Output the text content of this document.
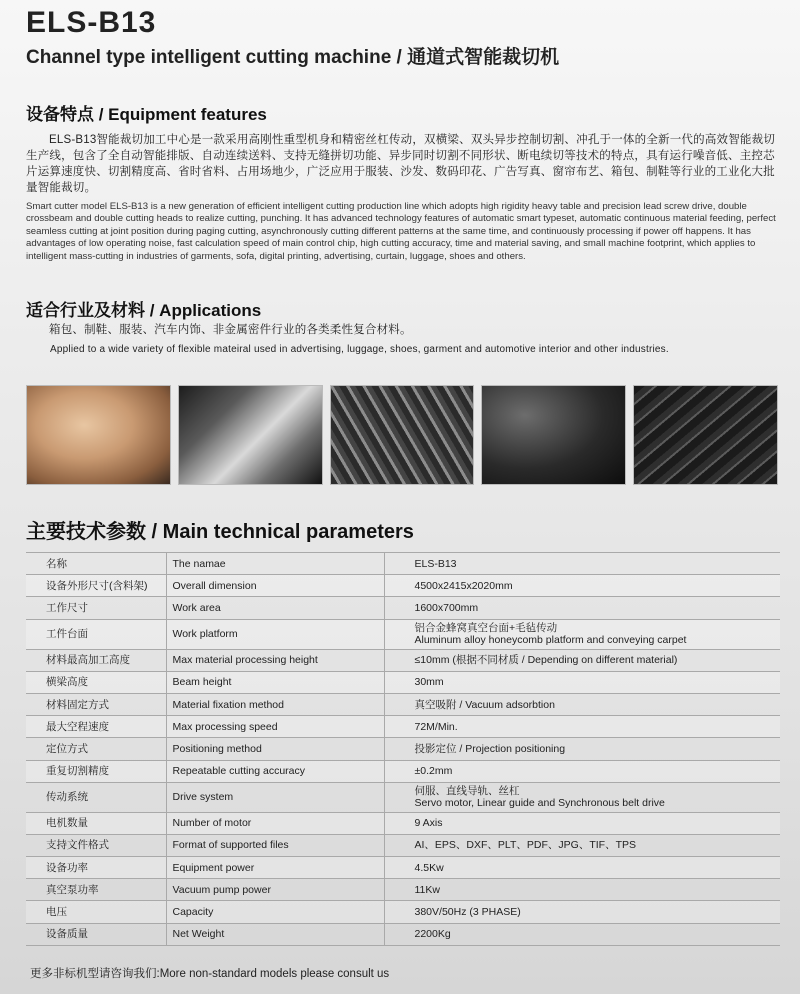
ELS-B13
Channel type intelligent cutting machine / 通道式智能裁切机
设备特点 / Equipment features
ELS-B13智能裁切加工中心是一款采用高刚性重型机身和精密丝杠传动，双横梁、双头异步控制切割、冲孔于一体的全新一代的高效智能裁切生产线，包含了全自动智能排版、自动连续送料、支持无缝拼切功能、异步同时切割不同形状、断电续切等技术的特点，具有运行噪音低、主控芯片运算速度快、切割精度高、省时省料、占用场地少，广泛应用于服装、沙发、数码印花、广告写真、窗帘布艺、箱包、制鞋等行业的工业化大批量智能裁切。
Smart cutter model ELS-B13 is a new generation of efficient intelligent cutting production line which adopts high rigidity heavy table and precision lead screw drive, double crossbeam and double cutting heads to realize cutting, punching. It has advanced technology features of automatic smart typeset, automatic continuous material feeding, perfect seamless cutting at joint position during paging cutting, asynchronously cutting different patterns at the same time, and continuously processing if power off happens. It has advantages of low operating noise, fast calculation speed of main control chip, high cutting accuracy, time and material saving, and small machine footprint, which applies to intelligent mass-cutting in industries of garments, sofa, digital printing, advertising, curtain, luggage, shoes and others.
适合行业及材料 / Applications
箱包、制鞋、服装、汽车内饰、非金属密件行业的各类柔性复合材料。
Applied to a wide variety of flexible mateiral used in advertising, luggage, shoes, garment and automotive interior and other industries.
主要技术参数 / Main technical parameters
名称	The namae	ELS-B13

设备外形尺寸(含料架)	Overall dimension	4500x2415x2020mm

工作尺寸	Work area	1600x700mm

工件台面	Work platform	铝合金蜂窝真空台面+毛毡传动
Aluminum alloy honeycomb platform and conveying carpet

材料最高加工高度	Max material processing height	≤10mm (根据不同材质 / Depending on different material)

横梁高度	Beam height	30mm

材料固定方式	Material fixation method	真空吸附 / Vacuum adsorbtion

最大空程速度	Max processing speed	72M/Min.

定位方式	Positioning method	投影定位 / Projection positioning

重复切割精度	Repeatable cutting accuracy	±0.2mm

传动系统	Drive system	伺服、直线导轨、丝杠
Servo motor, Linear guide and Synchronous belt drive

电机数量	Number of motor	9 Axis

支持文件格式	Format of supported files	AI、EPS、DXF、PLT、PDF、JPG、TIF、TPS

设备功率	Equipment power	4.5Kw

真空泵功率	Vacuum pump power	11Kw

电压	Capacity	380V/50Hz (3 PHASE)

设备质量	Net Weight	2200Kg
更多非标机型请咨询我们:More non-standard models please consult us
